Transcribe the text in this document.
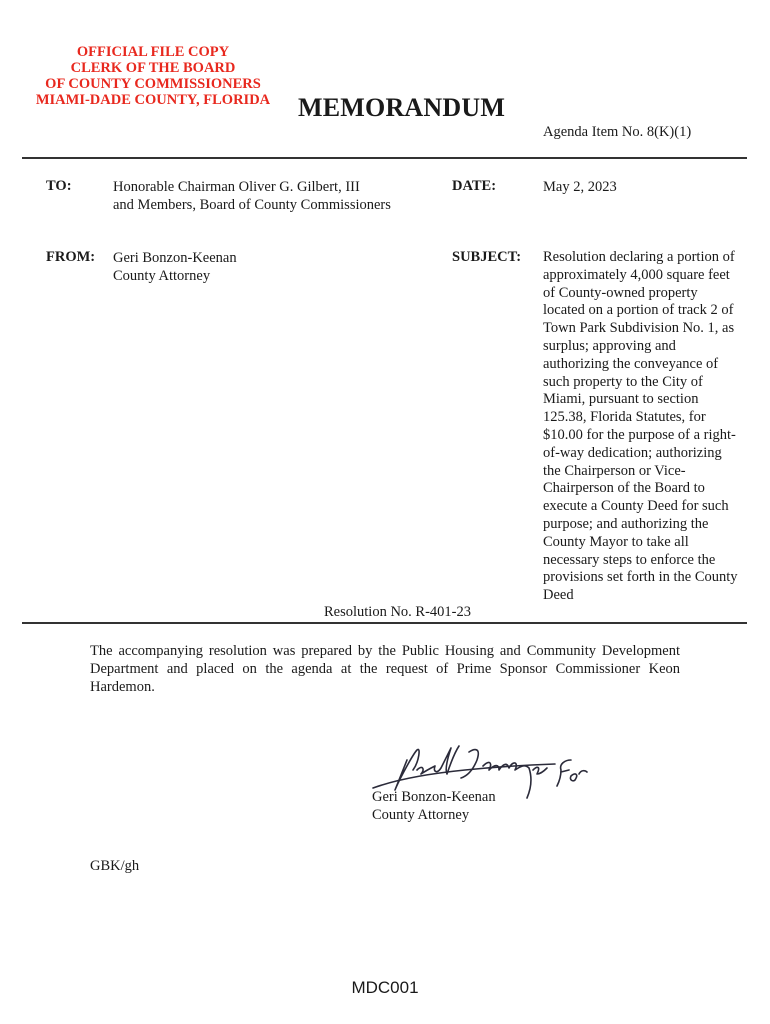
OFFICIAL FILE COPY
CLERK OF THE BOARD
OF COUNTY COMMISSIONERS
MIAMI-DADE COUNTY, FLORIDA	MEMORANDUM
Agenda Item No. 8(K)(1)
TO:	Honorable Chairman Oliver G. Gilbert, III
and Members, Board of County Commissioners
DATE:	May 2, 2023
FROM: Geri Bonzon-Keenan
County Attorney
SUBJECT: Resolution declaring a portion of
approximately 4,000 square feet
of County-owned property
located on a portion of track 2 of
Town Park Subdivision No. 1, as
surplus; approving and
authorizing the conveyance of
such property to the City of
Miami, pursuant to section
125.38, Florida Statutes, for
$10.00 for the purpose of a right-
of-way dedication; authorizing
the Chairperson or Vice-
Chairperson of the Board to
execute a County Deed for such
purpose; and authorizing the
County Mayor to take all
necessary steps to enforce the
provisions set forth in the County
Deed
Resolution No. R-401-23
The accompanying resolution was prepared by the Public Housing and Community Development Department and placed on the agenda at the request of Prime Sponsor Commissioner Keon Hardemon.
Geri Bonzon-Keenan
County Attorney
GBK/gh
MDC001
